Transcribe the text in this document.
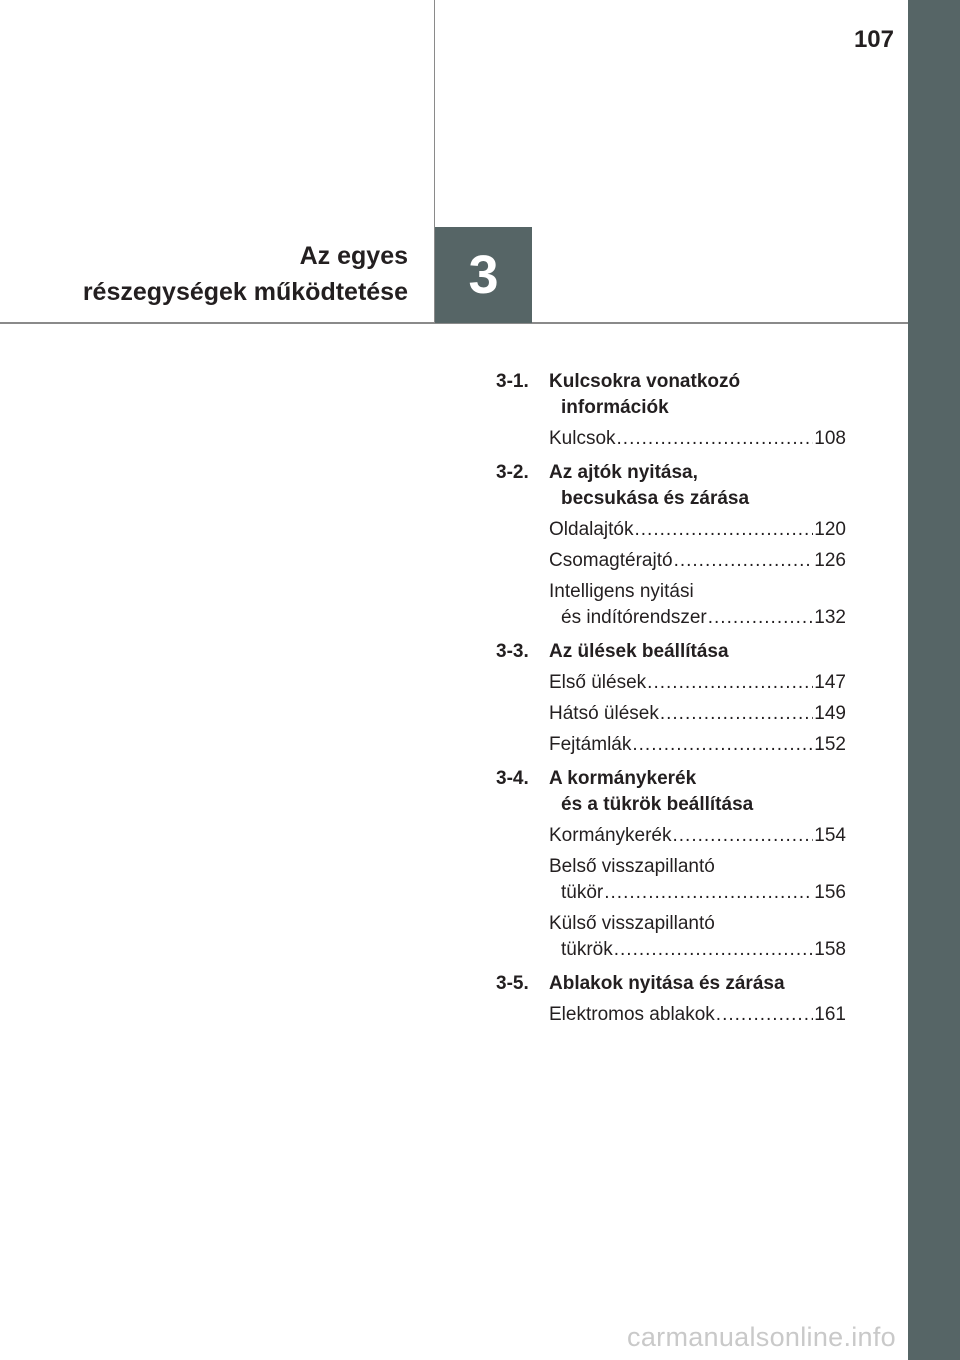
107
3
Az egyes
részegységek működtetése
3-1.	Kulcsokra vonatkozó
információk
Kulcsok .....	108
3-2.	Az ajtók nyitása,
becsukása és zárása
Oldalajtók .....	120
Csomagtérajtó .....	126
Intelligens nyitási
és indítórendszer .....	132
3-3.	Az ülések beállítása
Első ülések .....	147
Hátsó ülések .....	149
Fejtámlák .....	152
3-4.	A kormánykerék
és a tükrök beállítása
Kormánykerék .....	154
Belső visszapillantó
tükör .....	156
Külső visszapillantó
tükrök .....	158
3-5.	Ablakok nyitása és zárása
Elektromos ablakok .....	161
carmanualsonline.info
